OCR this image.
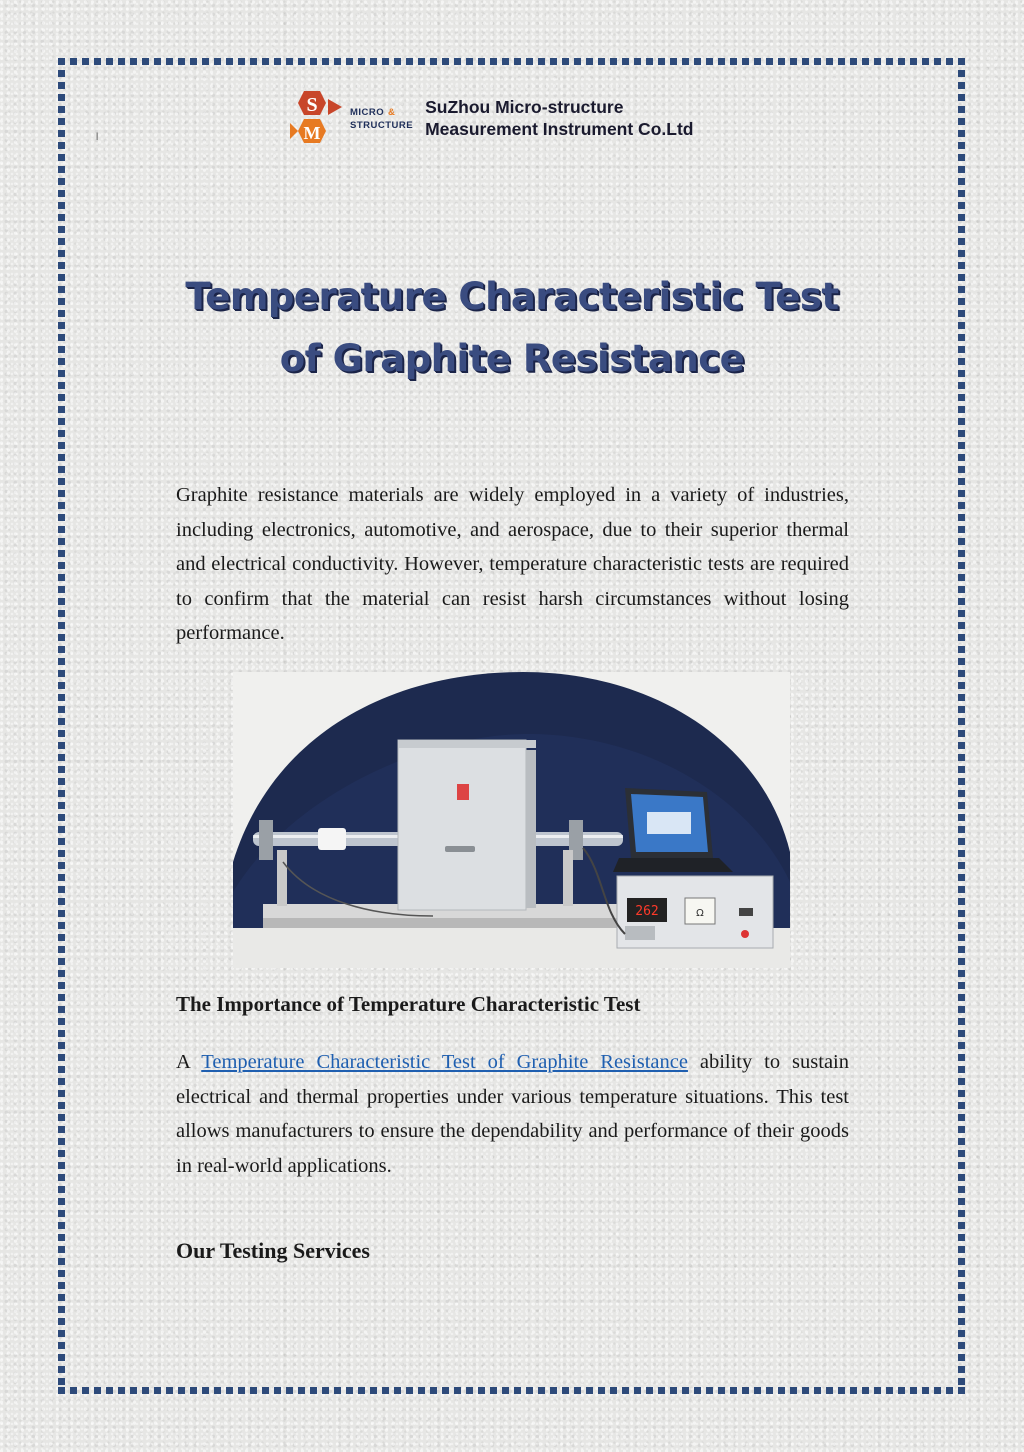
l
S
M
MICRO &
STRUCTURE
SuZhou Micro-structure
Measurement Instrument Co.Ltd
Temperature Characteristic Test
of Graphite Resistance

Graphite resistance materials are widely employed in a variety of industries, including electronics, automotive, and aerospace, due to their superior thermal and electrical conductivity. However, temperature characteristic tests are required to confirm that the material can resist harsh circumstances without losing performance.

262	Ω
The Importance of Temperature Characteristic Test

A Temperature Characteristic Test of Graphite Resistance ability to sustain electrical and thermal properties under various temperature situations. This test allows manufacturers to ensure the dependability and performance of their goods in real-world applications.

Our Testing Services
